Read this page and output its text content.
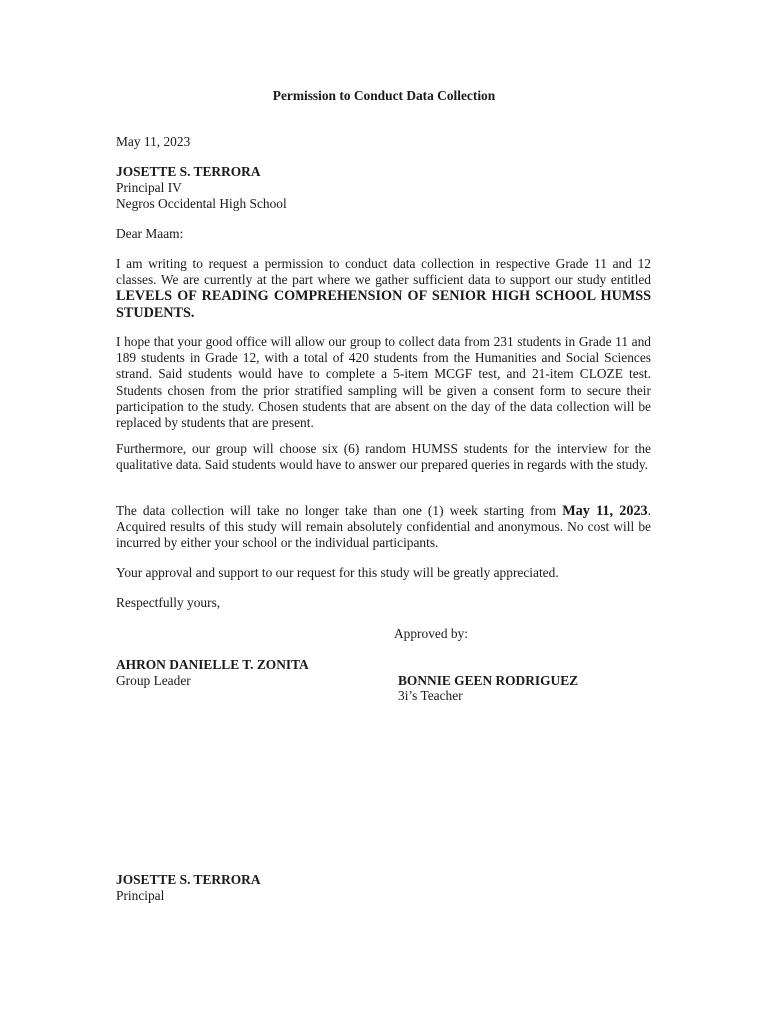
Permission to Conduct Data Collection
May 11, 2023
JOSETTE S. TERRORA
Principal IV
Negros Occidental High School
Dear Maam:

I am writing to request a permission to conduct data collection in respective Grade 11 and 12 classes. We are currently at the part where we gather sufficient data to support our study entitled LEVELS OF READING COMPREHENSION OF SENIOR HIGH SCHOOL HUMSS STUDENTS.

I hope that your good office will allow our group to collect data from 231 students in Grade 11 and 189 students in Grade 12, with a total of 420 students from the Humanities and Social Sciences strand. Said students would have to complete a 5-item MCGF test, and 21-item CLOZE test. Students chosen from the prior stratified sampling will be given a consent form to secure their participation to the study. Chosen students that are absent on the day of the data collection will be replaced by students that are present.

Furthermore, our group will choose six (6) random HUMSS students for the interview for the qualitative data. Said students would have to answer our prepared queries in regards with the study.

The data collection will take no longer take than one (1) week starting from May 11, 2023. Acquired results of this study will remain absolutely confidential and anonymous. No cost will be incurred by either your school or the individual participants.

Your approval and support to our request for this study will be greatly appreciated.
Respectfully yours,
Approved by:
AHRON DANIELLE T. ZONITA
Group Leader	BONNIE GEEN RODRIGUEZ
3i’s Teacher
JOSETTE S. TERRORA
Principal
